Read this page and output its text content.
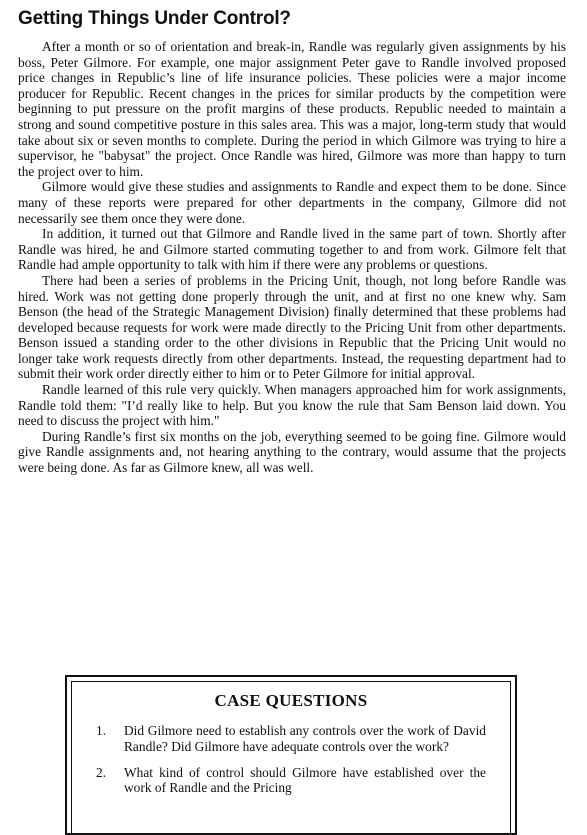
Getting Things Under Control?

After a month or so of orientation and break-in, Randle was regularly given assignments by his boss, Peter Gilmore. For example, one major assignment Peter gave to Randle involved proposed price changes in Republic’s line of life insurance policies. These policies were a major income producer for Republic. Recent changes in the prices for similar products by the competition were beginning to put pressure on the profit margins of these products. Republic needed to maintain a strong and sound competitive posture in this sales area. This was a major, long-term study that would take about six or seven months to complete. During the period in which Gilmore was trying to hire a supervisor, he "babysat" the project. Once Randle was hired, Gilmore was more than happy to turn the project over to him.

Gilmore would give these studies and assignments to Randle and expect them to be done. Since many of these reports were prepared for other departments in the company, Gilmore did not necessarily see them once they were done.

In addition, it turned out that Gilmore and Randle lived in the same part of town. Shortly after Randle was hired, he and Gilmore started commuting together to and from work. Gilmore felt that Randle had ample opportunity to talk with him if there were any problems or questions.

There had been a series of problems in the Pricing Unit, though, not long before Randle was hired. Work was not getting done properly through the unit, and at first no one knew why. Sam Benson (the head of the Strategic Management Division) finally determined that these problems had developed because requests for work were made directly to the Pricing Unit from other departments. Benson issued a standing order to the other divisions in Republic that the Pricing Unit would no longer take work requests directly from other departments. Instead, the requesting department had to submit their work order directly either to him or to Peter Gilmore for initial approval.

Randle learned of this rule very quickly. When managers approached him for work assignments, Randle told them: "I’d really like to help. But you know the rule that Sam Benson laid down. You need to discuss the project with him."

During Randle’s first six months on the job, everything seemed to be going fine. Gilmore would give Randle assignments and, not hearing anything to the contrary, would assume that the projects were being done. As far as Gilmore knew, all was well.

CASE QUESTIONS
1.	Did Gilmore need to establish any controls over the work of David Randle? Did Gilmore have adequate controls over the work?
2.	What kind of control should Gilmore have established over the work of Randle and the Pricing
